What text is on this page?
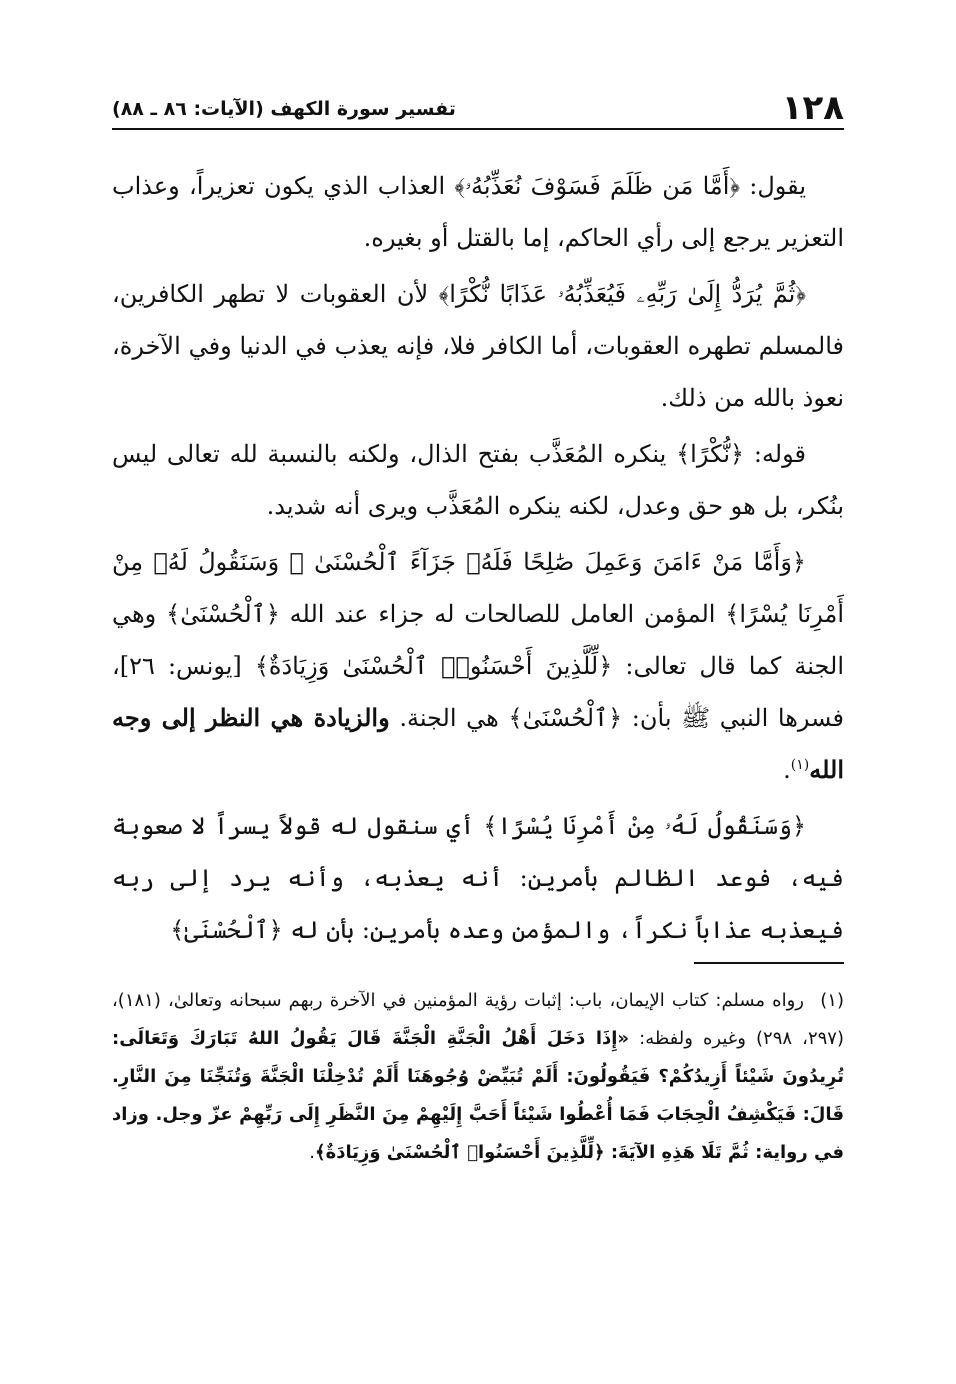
١٢٨
تفسير سورة الكهف (الآيات: ٨٦ ـ ٨٨)

يقول: ﴿أَمَّا مَن ظَلَمَ فَسَوْفَ نُعَذِّبُهُۥ﴾ العذاب الذي يكون تعزيراً، وعذاب التعزير يرجع إلى رأي الحاكم، إما بالقتل أو بغيره.

﴿ثُمَّ يُرَدُّ إِلَىٰ رَبِّهِۦ فَيُعَذِّبُهُۥ عَذَابًا نُّكْرًا﴾ لأن العقوبات لا تطهر الكافرين، فالمسلم تطهره العقوبات، أما الكافر فلا، فإنه يعذب في الدنيا وفي الآخرة، نعوذ بالله من ذلك.

قوله: ﴿نُّكْرًا﴾ ينكره المُعَذَّب بفتح الذال، ولكنه بالنسبة لله تعالى ليس بنُكر، بل هو حق وعدل، لكنه ينكره المُعَذَّب ويرى أنه شديد.

﴿وَأَمَّا مَنْ ءَامَنَ وَعَمِلَ صَٰلِحًا فَلَهُۥ جَزَآءً ٱلْحُسْنَىٰ ۖ وَسَنَقُولُ لَهُۥ مِنْ أَمْرِنَا يُسْرًا﴾ المؤمن العامل للصالحات له جزاء عند الله ﴿ٱلْحُسْنَىٰ﴾ وهي الجنة كما قال تعالى: ﴿لِّلَّذِينَ أَحْسَنُوا۟ ٱلْحُسْنَىٰ وَزِيَادَةٌ﴾ [يونس: ٢٦]، فسرها النبي ﷺ بأن: ﴿ٱلْحُسْنَىٰ﴾ هي الجنة. والزيادة هي النظر إلى وجه الله$^{(١)}$.

﴿وَسَنَقُولُ لَهُۥ مِنْ أَمْرِنَا يُسْرًا﴾ أي سنقول له قولاً يسراً لا صعوبة فيه، فوعد الظالم بأمرين: أنه يعذبه، وأنه يرد إلى ربه فيعذبه عذاباً نكراً، والمؤمن وعده بأمرين: بأن له ﴿ٱلْحُسْنَىٰ﴾

(١)رواه مسلم: كتاب الإيمان، باب: إثبات رؤية المؤمنين في الآخرة ربهم سبحانه وتعالىٰ، (١٨١)، (٢٩٧، ٢٩٨) وغيره ولفظه: «إِذَا دَخَلَ أَهْلُ الْجَنَّةِ الْجَنَّةَ قَالَ يَقُولُ اللهُ تَبَارَكَ وَتَعَالَى: تُرِيدُونَ شَيْئاً أَزِيدُكُمْ؟ فَيَقُولُونَ: أَلَمْ تُبَيِّضْ وُجُوهَنَا أَلَمْ تُدْخِلْنَا الْجَنَّةَ وَتُنَجِّنَا مِنَ النَّارِ. قَالَ: فَيَكْشِفُ الْحِجَابَ فَمَا أُعْطُوا شَيْئاً أَحَبَّ إِلَيْهِمْ مِنَ النَّظَرِ إِلَى رَبِّهِمْ عزّ وجل. وزاد في رواية: ثُمَّ تَلَا هَذِهِ الآيَةَ: ﴿لِّلَّذِينَ أَحْسَنُوا۟ ٱلْحُسْنَىٰ وَزِيَادَةٌ﴾.
